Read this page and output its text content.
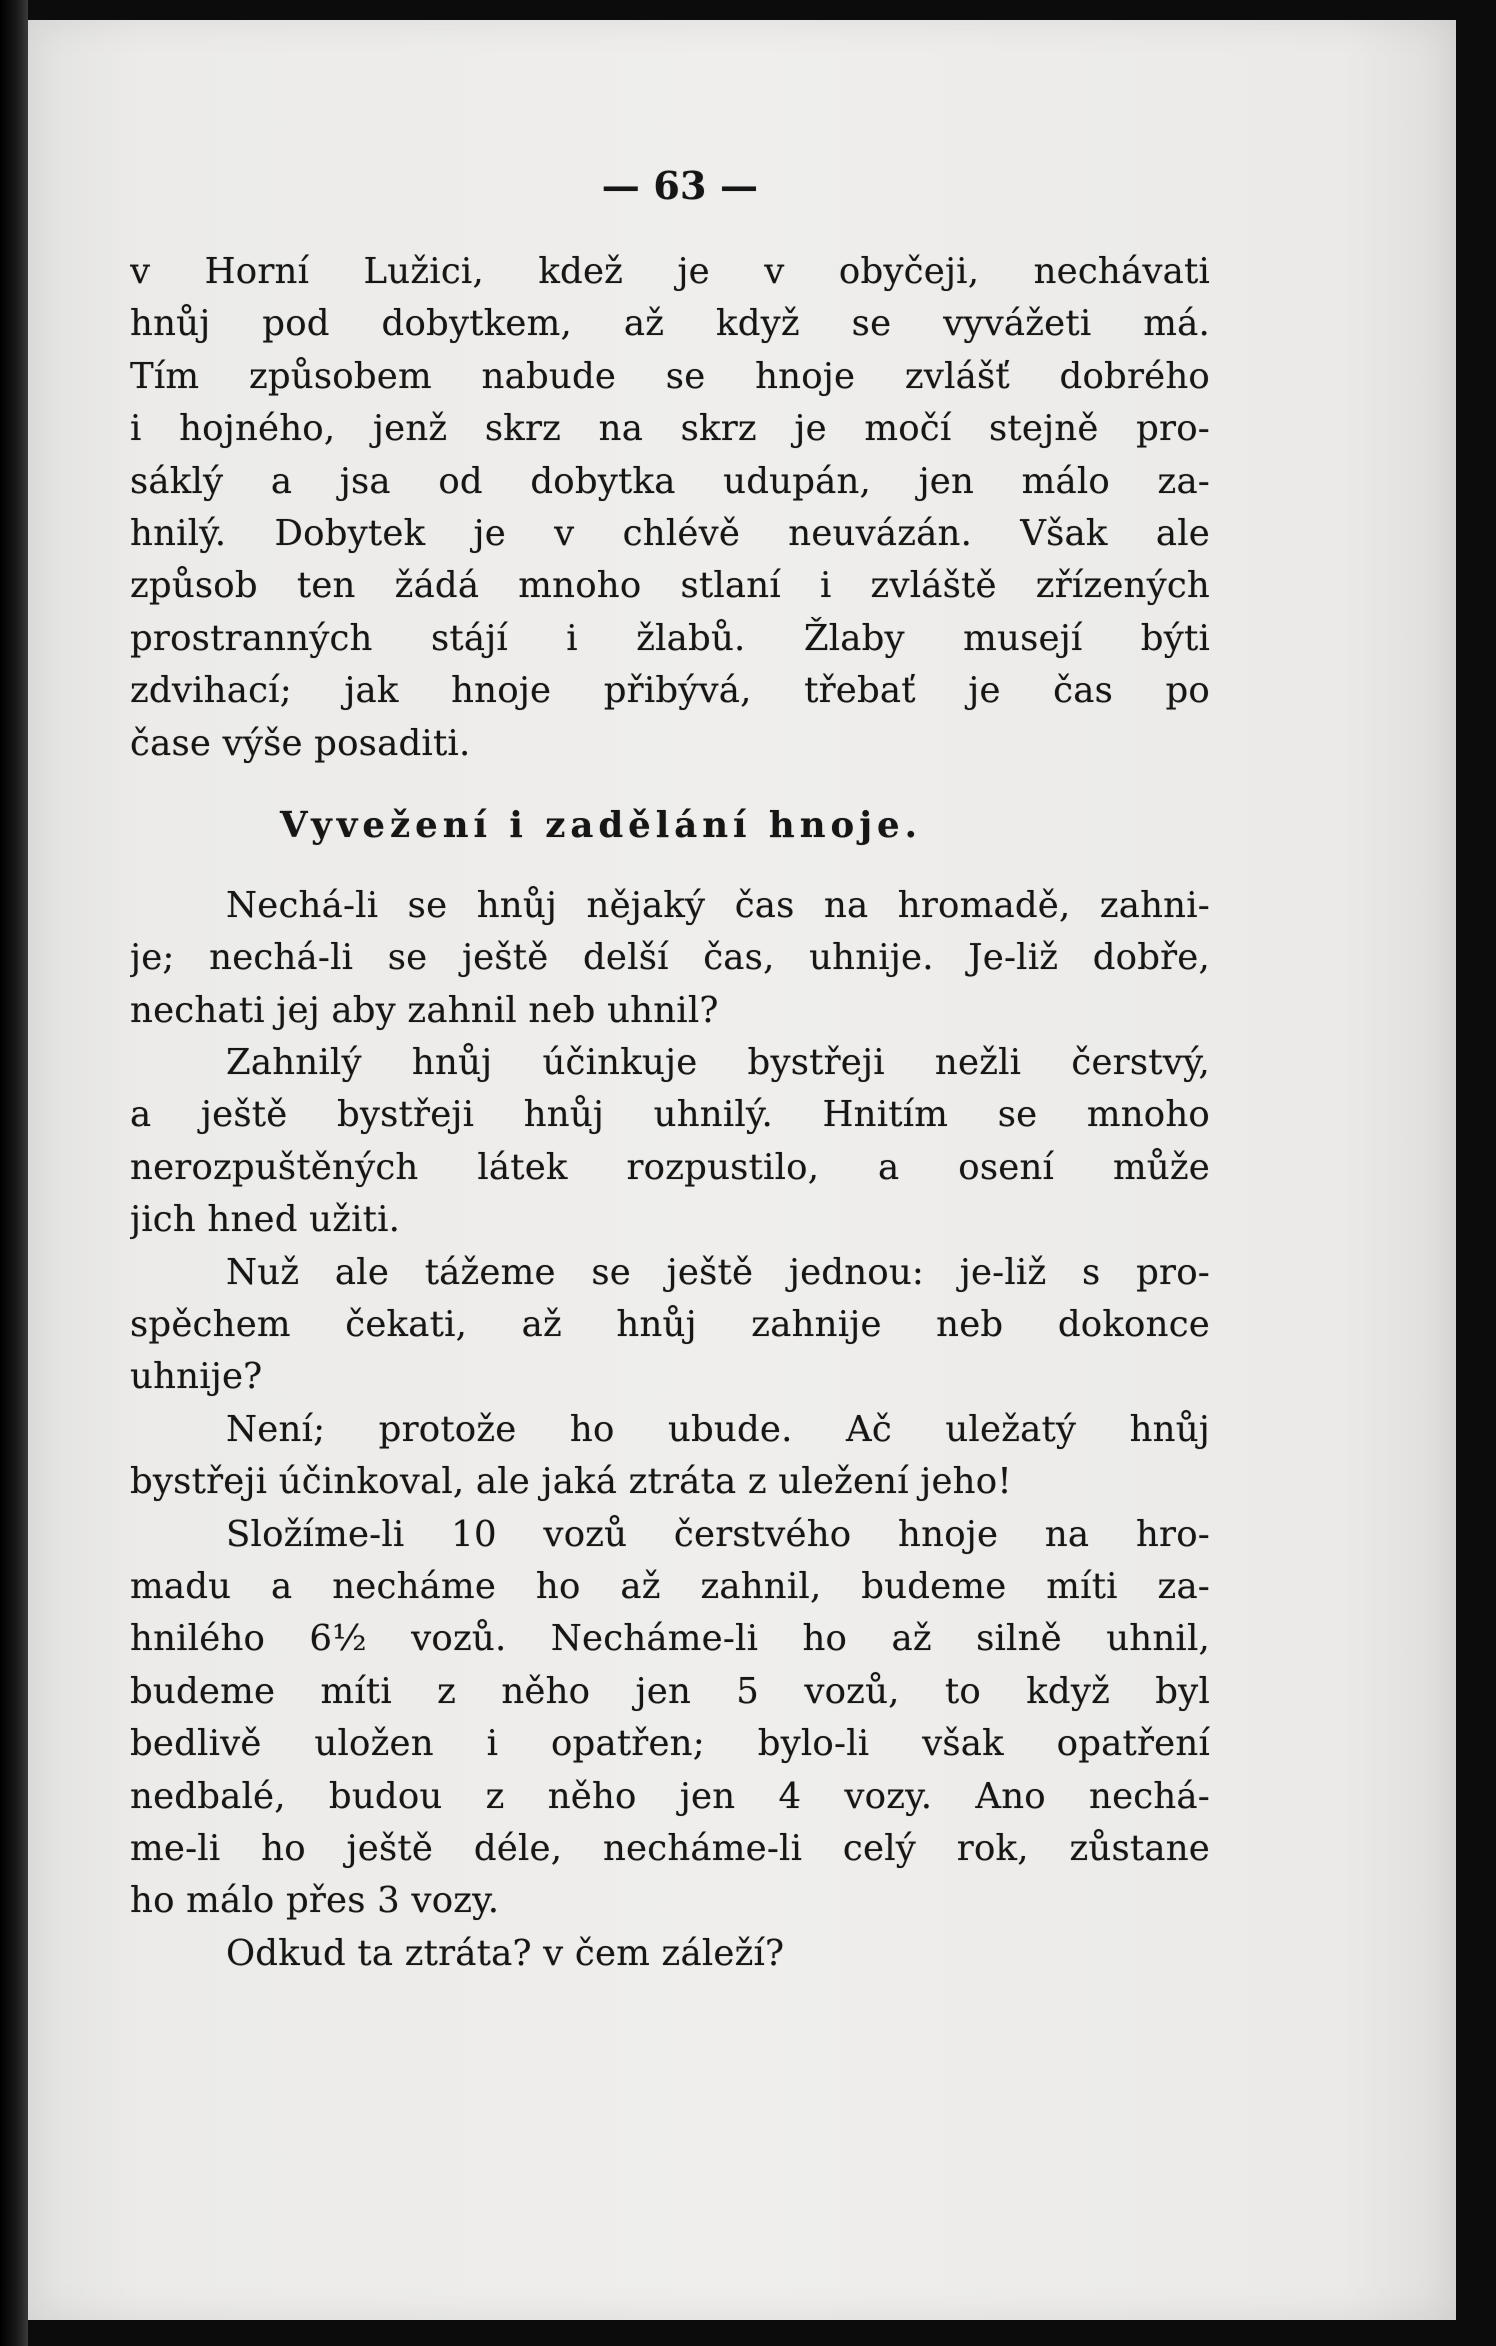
— 63 —
v Horní Lužici, kdež je v obyčeji, nechávati
hnůj pod dobytkem, až když se vyvážeti má.
Tím způsobem nabude se hnoje zvlášť dobrého
i hojného, jenž skrz na skrz je močí stejně pro-
sáklý a jsa od dobytka udupán, jen málo za-
hnilý. Dobytek je v chlévě neuvázán. Však ale
způsob ten žádá mnoho stlaní i zvláště zřízených
prostranných stájí i žlabů. Žlaby musejí býti
zdvihací; jak hnoje přibývá, třebať je čas po
čase výše posaditi.
Vyvežení i zadělání hnoje.
Nechá-li se hnůj nějaký čas na hromadě, zahni-
je; nechá-li se ještě delší čas, uhnije. Je-liž dobře,
nechati jej aby zahnil neb uhnil?
Zahnilý hnůj účinkuje bystřeji nežli čerstvý,
a ještě bystřeji hnůj uhnilý. Hnitím se mnoho
nerozpuštěných látek rozpustilo, a osení může
jich hned užiti.
Nuž ale tážeme se ještě jednou: je-liž s pro-
spěchem čekati, až hnůj zahnije neb dokonce
uhnije?
Není; protože ho ubude. Ač uležatý hnůj
bystřeji účinkoval, ale jaká ztráta z uležení jeho!
Složíme-li 10 vozů čerstvého hnoje na hro-
madu a necháme ho až zahnil, budeme míti za-
hnilého 6½ vozů. Necháme-li ho až silně uhnil,
budeme míti z něho jen 5 vozů, to když byl
bedlivě uložen i opatřen; bylo-li však opatření
nedbalé, budou z něho jen 4 vozy. Ano nechá-
me-li ho ještě déle, necháme-li celý rok, zůstane
ho málo přes 3 vozy.
Odkud ta ztráta? v čem záleží?
